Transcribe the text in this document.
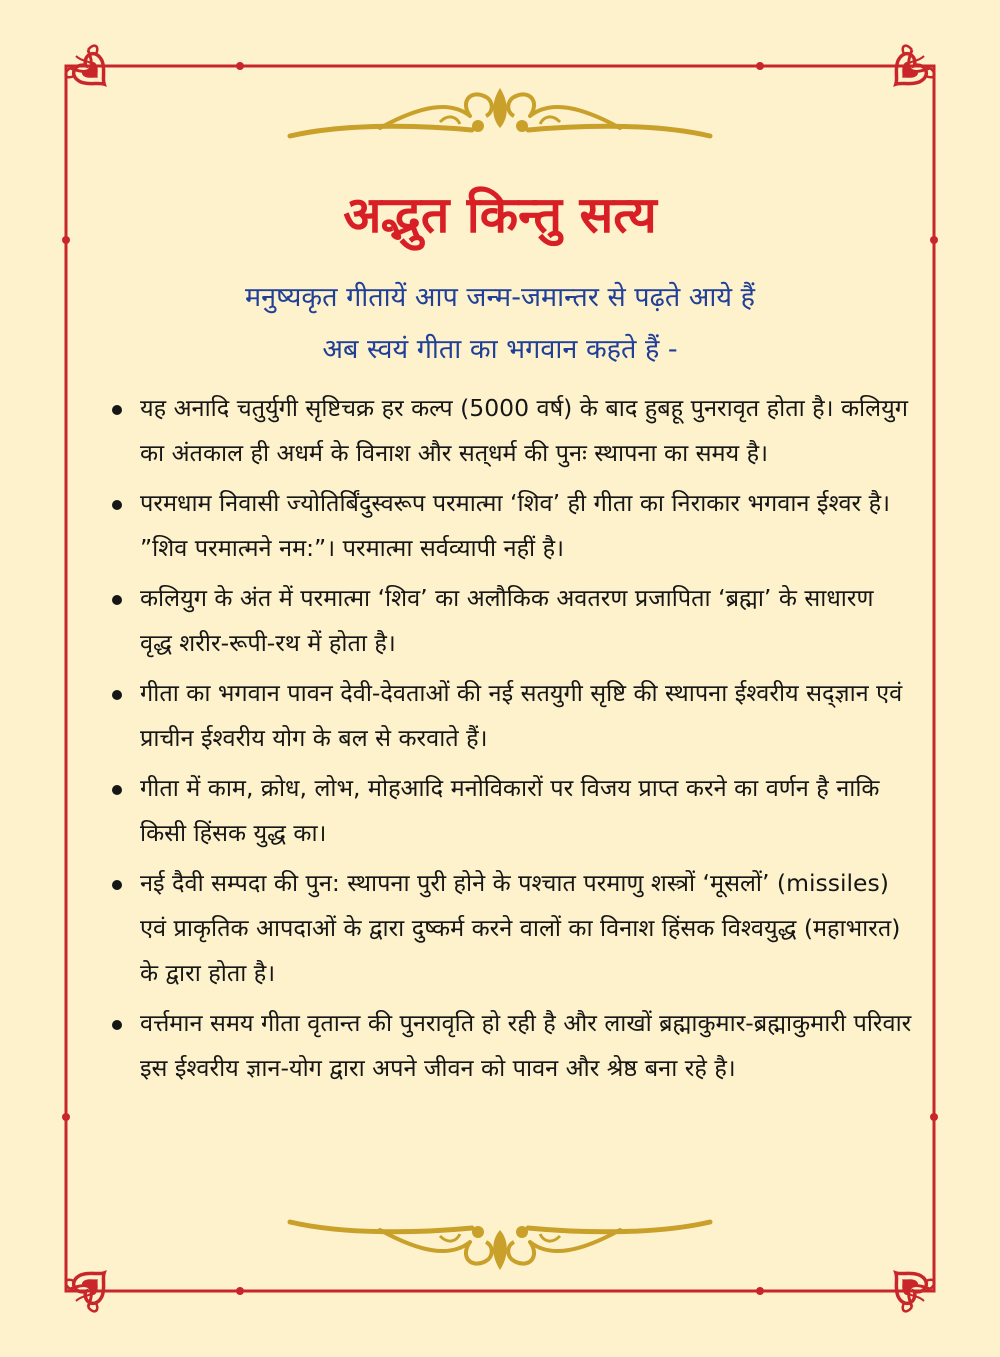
अद्भुत किन्तु सत्य
मनुष्यकृत गीतायें आप जन्म-जमान्तर से पढ़ते आये हैं
अब स्वयं गीता का भगवान कहते हैं -
यह अनादि चतुर्युगी सृष्टिचक्र हर कल्प (5000 वर्ष) के बाद हुबहू पुनरावृत होता है। कलियुग का अंतकाल ही अधर्म के विनाश और सत्‌धर्म की पुनः स्थापना का समय है।
परमधाम निवासी ज्योतिर्बिंदुस्वरूप परमात्मा ‘शिव’ ही गीता का निराकार भगवान ईश्वर है। ”शिव परमात्मने नम:”। परमात्मा सर्वव्यापी नहीं है।
कलियुग के अंत में परमात्मा ‘शिव’ का अलौकिक अवतरण प्रजापिता ‘ब्रह्मा’ के साधारण वृद्ध शरीर-रूपी-रथ में होता है।
गीता का भगवान पावन देवी-देवताओं की नई सतयुगी सृष्टि की स्थापना ईश्वरीय सद्‌ज्ञान एवं प्राचीन ईश्वरीय योग के बल से करवाते हैं।
गीता में काम, क्रोध, लोभ, मोहआदि मनोविकारों पर विजय प्राप्त करने का वर्णन है नाकि किसी हिंसक युद्ध का।
नई दैवी सम्पदा की पुन: स्थापना पुरी होने के पश्चात परमाणु शस्त्रों ‘मूसलों’ (missiles) एवं प्राकृतिक आपदाओं के द्वारा दुष्कर्म करने वालों का विनाश हिंसक विश्वयुद्ध (महाभारत) के द्वारा होता है।
वर्त्तमान समय गीता वृतान्त की पुनरावृति हो रही है और लाखों ब्रह्माकुमार-ब्रह्माकुमारी परिवार इस ईश्वरीय ज्ञान-योग द्वारा अपने जीवन को पावन और श्रेष्ठ बना रहे है।
